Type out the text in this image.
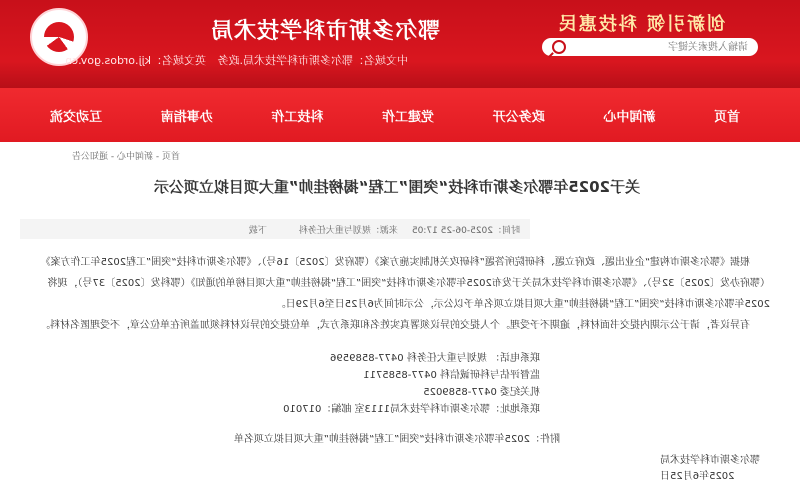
鄂尔多斯市科学技术局
中文域名：鄂尔多斯市科学技术局.政务 英文域名：kjj.ordos.gov.cn
创新引领 科技惠民
请输入搜索关键字
首页
新闻中心
政务公开
党建工作
科技工作
办事指南
互动交流
首页 - 新闻中心 - 通知公告
关于2025年鄂尔多斯市科技“突围”工程“揭榜挂帅”重大项目拟立项公示
时间：2025-06-25 17:05
来源：规划与重大任务科
下载

根据《鄂尔多斯市构建“企业出题、政府立题、科研院所答题”科研攻关机制实施方案》（鄂府发〔2025〕16号）、《鄂尔多斯市科技“突围”工程2025年工作方案》（鄂府办发〔2025〕32号）、《鄂尔多斯市科学技术局关于发布2025年鄂尔多斯市科技“突围”工程“揭榜挂帅”重大项目榜单的通知》（鄂科发〔2025〕37号），现将2025年鄂尔多斯市科技“突围”工程“揭榜挂帅”重大项目拟立项名单予以公示，公示时间为6月25日至6月29日。

有异议者，请于公示期内提交书面材料，逾期不予受理。个人提交的异议须署真实姓名和联系方式，单位提交的异议材料须加盖所在单位公章，不受理匿名材料。

联系电话： 规划与重大任务科 0477-8589596
监督评估与科研诚信科 0477-8585711
机关纪委 0477-8589025
联系地址：鄂尔多斯市科学技术局1113室 邮编：017010
附件：2025年鄂尔多斯市科技“突围”工程“揭榜挂帅”重大项目拟立项名单
鄂尔多斯市科学技术局
2025年6月25日
